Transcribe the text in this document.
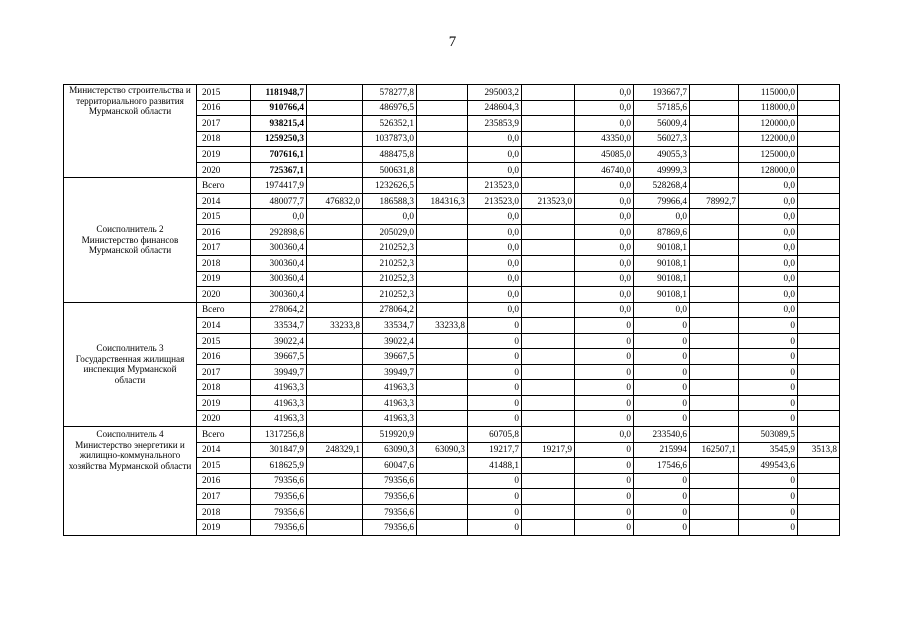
7
Министерство строительства и территориального развития Мурманской области	2015	1181948,7		578277,8		295003,2		0,0	193667,7		115000,0	
	2016	910766,4		486976,5		248604,3		0,0	57185,6		118000,0	
	2017	938215,4		526352,1		235853,9		0,0	56009,4		120000,0	
	2018	1259250,3		1037873,0		0,0		43350,0	56027,3		122000,0	
	2019	707616,1		488475,8		0,0		45085,0	49055,3		125000,0	
	2020	725367,1		500631,8		0,0		46740,0	49999,3		128000,0	
Соисполнитель 2 Министерство финансов Мурманской области	Всего	1974417,9		1232626,5		213523,0		0,0	528268,4		0,0	
	2014	480077,7	476832,0	186588,3	184316,3	213523,0	213523,0	0,0	79966,4	78992,7	0,0	
	2015	0,0		0,0		0,0		0,0	0,0		0,0	
	2016	292898,6		205029,0		0,0		0,0	87869,6		0,0	
	2017	300360,4		210252,3		0,0		0,0	90108,1		0,0	
	2018	300360,4		210252,3		0,0		0,0	90108,1		0,0	
	2019	300360,4		210252,3		0,0		0,0	90108,1		0,0	
	2020	300360,4		210252,3		0,0		0,0	90108,1		0,0	
Соисполнитель 3 Государственная жилищная инспекция Мурманской области	Всего	278064,2		278064,2		0,0		0,0	0,0		0,0	
	2014	33534,7	33233,8	33534,7	33233,8	0		0	0		0	
	2015	39022,4		39022,4		0		0	0		0	
	2016	39667,5		39667,5		0		0	0		0	
	2017	39949,7		39949,7		0		0	0		0	
	2018	41963,3		41963,3		0		0	0		0	
	2019	41963,3		41963,3		0		0	0		0	
	2020	41963,3		41963,3		0		0	0		0	
Соисполнитель 4 Министерство энергетики и жилищно-коммунального хозяйства Мурманской области	Всего	1317256,8		519920,9		60705,8		0,0	233540,6		503089,5	
	2014	301847,9	248329,1	63090,3	63090,3	19217,7	19217,9	0	215994	162507,1	3545,9	3513,8
	2015	618625,9		60047,6		41488,1		0	17546,6		499543,6	
	2016	79356,6		79356,6		0		0	0		0	
	2017	79356,6		79356,6		0		0	0		0	
	2018	79356,6		79356,6		0		0	0		0	
	2019	79356,6		79356,6		0		0	0		0	
